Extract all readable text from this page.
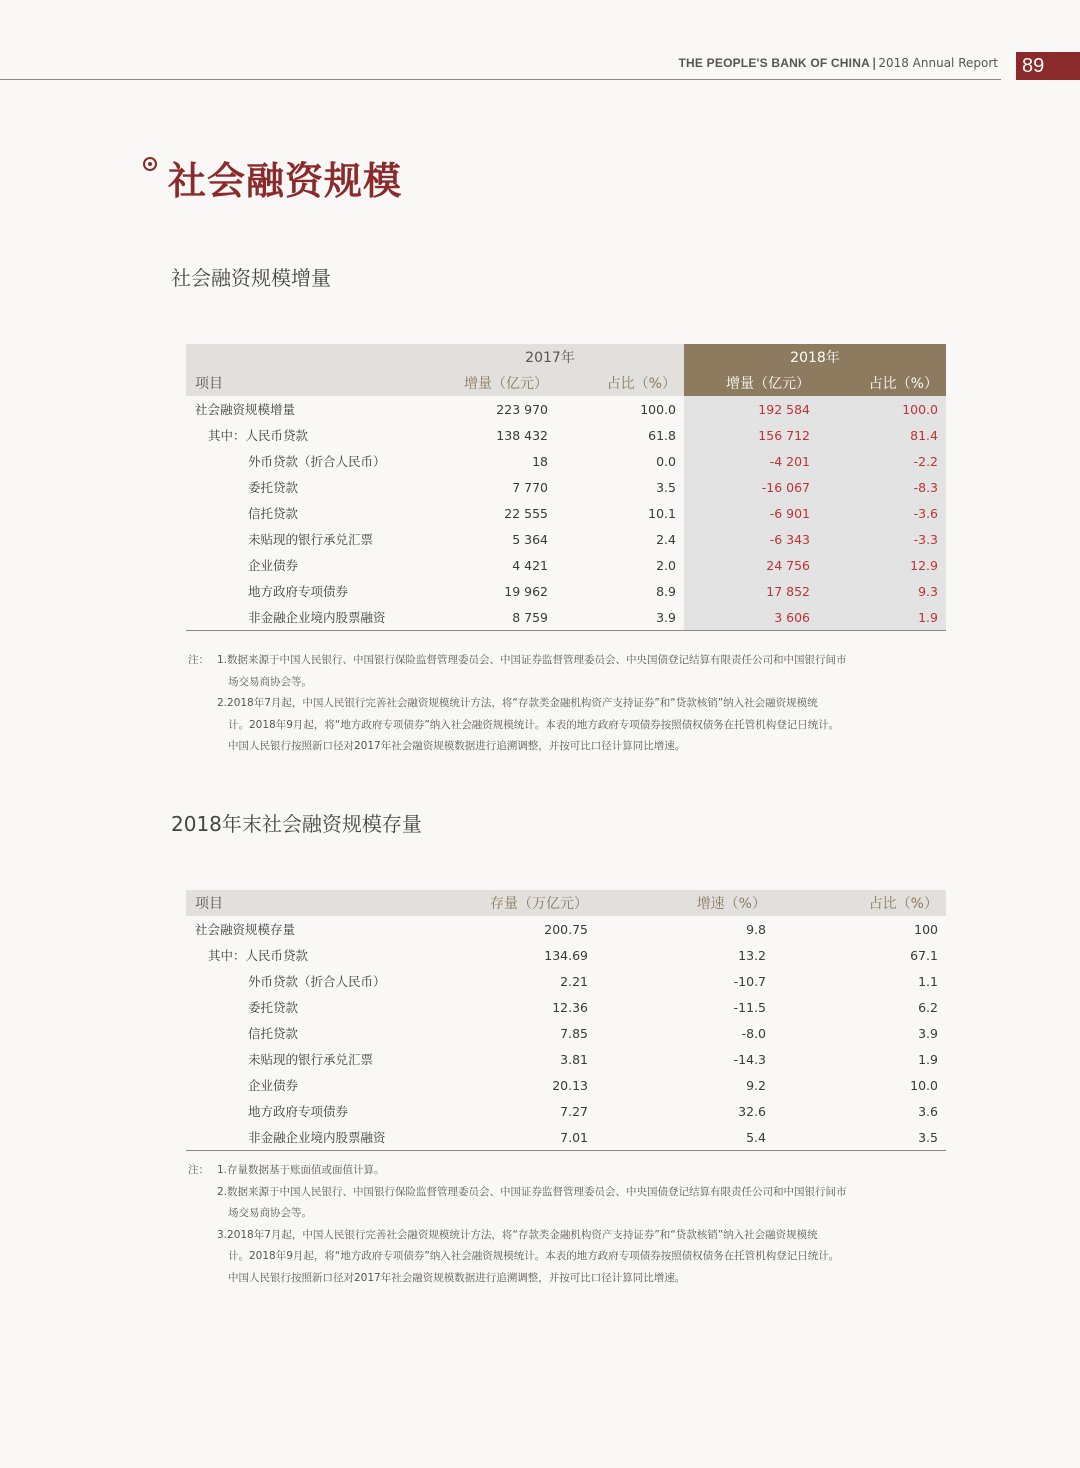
THE PEOPLE'S BANK OF CHINA | 2018 Annual Report	89
社会融资规模
社会融资规模增量
	2017年		2018年	
项目	增量（亿元）	占比（%）	增量（亿元）	占比（%）
社会融资规模增量	223 970	100.0	192 584	100.0
其中：人民币贷款	138 432	61.8	156 712	81.4
外币贷款（折合人民币）	18	0.0	-4 201	-2.2
委托贷款	7 770	3.5	-16 067	-8.3
信托贷款	22 555	10.1	-6 901	-3.6
未贴现的银行承兑汇票	5 364	2.4	-6 343	-3.3
企业债券	4 421	2.0	24 756	12.9
地方政府专项债券	19 962	8.9	17 852	9.3
非金融企业境内股票融资	8 759	3.9	3 606	1.9
注： 1.数据来源于中国人民银行、中国银行保险监督管理委员会、中国证券监督管理委员会、中央国债登记结算有限责任公司和中国银行间市
场交易商协会等。
2.2018年7月起，中国人民银行完善社会融资规模统计方法，将“存款类金融机构资产支持证券”和“贷款核销”纳入社会融资规模统
计。2018年9月起，将“地方政府专项债券”纳入社会融资规模统计。本表的地方政府专项债券按照债权债务在托管机构登记日统计。
中国人民银行按照新口径对2017年社会融资规模数据进行追溯调整，并按可比口径计算同比增速。
2018年末社会融资规模存量
项目	存量（万亿元）	增速（%）	占比（%）
社会融资规模存量	200.75	9.8	100
其中：人民币贷款	134.69	13.2	67.1
外币贷款（折合人民币）	2.21	-10.7	1.1
委托贷款	12.36	-11.5	6.2
信托贷款	7.85	-8.0	3.9
未贴现的银行承兑汇票	3.81	-14.3	1.9
企业债券	20.13	9.2	10.0
地方政府专项债券	7.27	32.6	3.6
非金融企业境内股票融资	7.01	5.4	3.5
注： 1.存量数据基于账面值或面值计算。
2.数据来源于中国人民银行、中国银行保险监督管理委员会、中国证券监督管理委员会、中央国债登记结算有限责任公司和中国银行间市
场交易商协会等。
3.2018年7月起，中国人民银行完善社会融资规模统计方法，将“存款类金融机构资产支持证券”和“贷款核销”纳入社会融资规模统
计。2018年9月起，将“地方政府专项债券”纳入社会融资规模统计。本表的地方政府专项债券按照债权债务在托管机构登记日统计。
中国人民银行按照新口径对2017年社会融资规模数据进行追溯调整，并按可比口径计算同比增速。
